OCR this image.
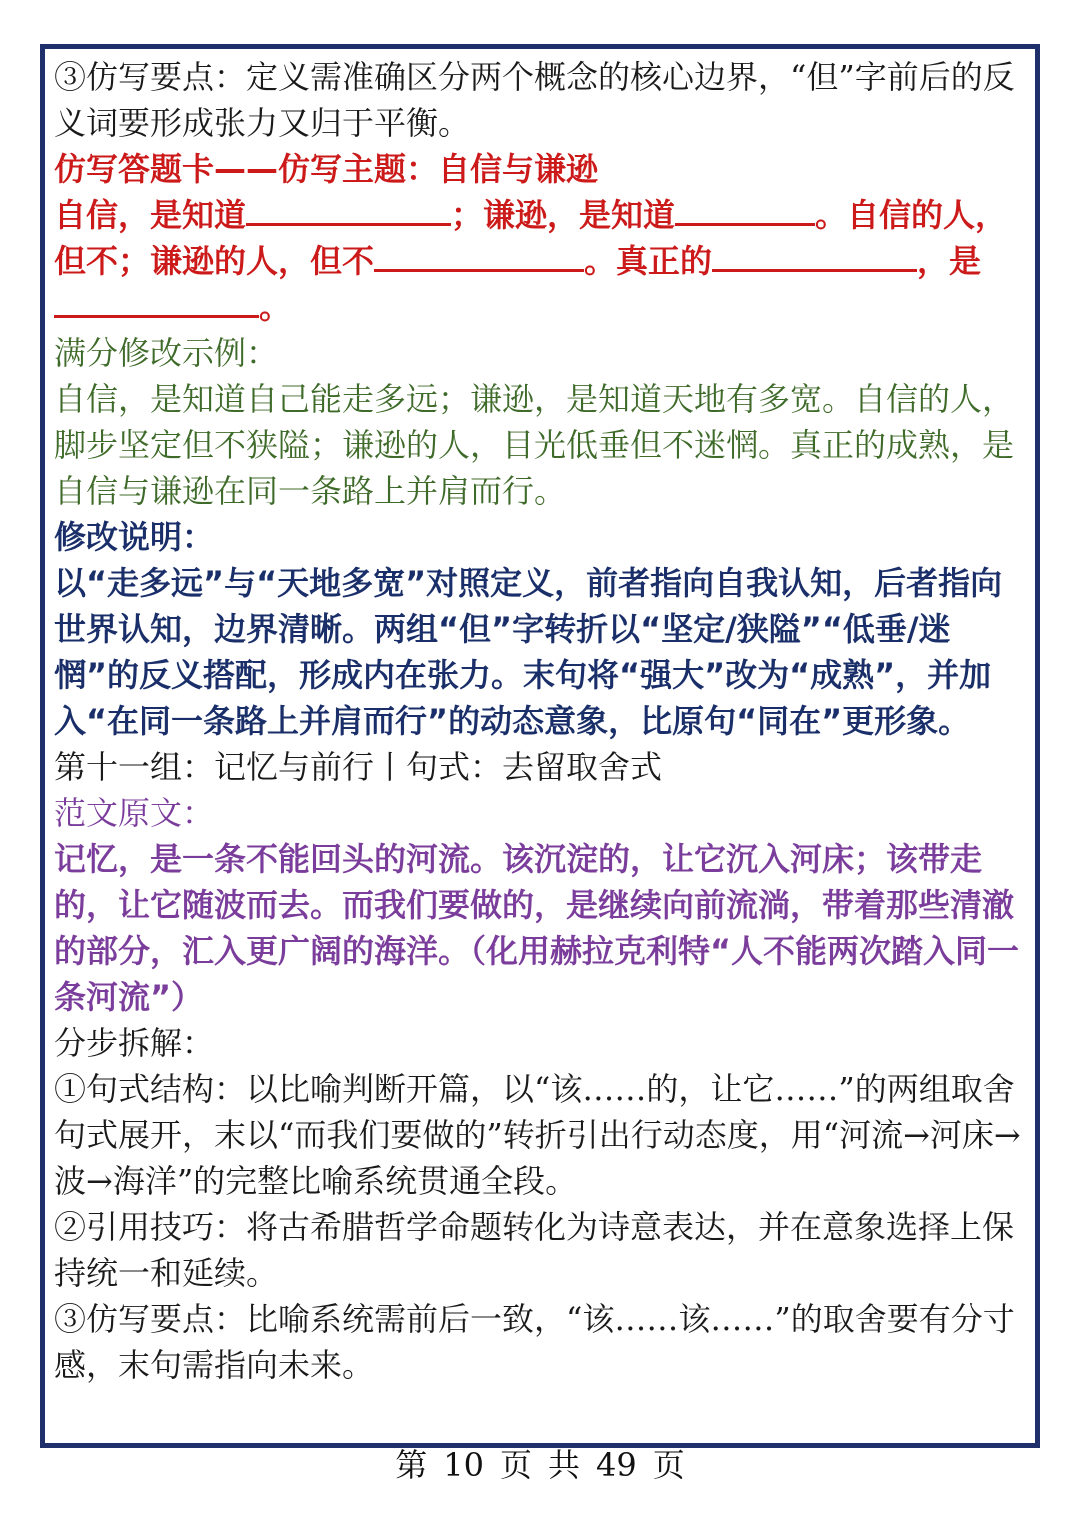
③仿写要点：定义需准确区分两个概念的核心边界，“但”字前后的反义词要形成张力又归于平衡。

仿写答题卡——仿写主题：自信与谦逊

自信，是知道	；谦逊，是知道	。自信的人，但不；谦逊的人，但不	。真正的	，是。

满分修改示例：

自信，是知道自己能走多远；谦逊，是知道天地有多宽。自信的人，脚步坚定但不狭隘；谦逊的人，目光低垂但不迷惘。真正的成熟，是自信与谦逊在同一条路上并肩而行。

修改说明：

以“走多远”与“天地多宽”对照定义，前者指向自我认知，后者指向世界认知，边界清晰。两组“但”字转折以“坚定/狭隘”“低垂/迷惘”的反义搭配，形成内在张力。末句将“强大”改为“成熟”，并加入“在同一条路上并肩而行”的动态意象，比原句“同在”更形象。

第十一组：记忆与前行丨句式：去留取舍式

范文原文：

记忆，是一条不能回头的河流。该沉淀的，让它沉入河床；该带走的，让它随波而去。而我们要做的，是继续向前流淌，带着那些清澈的部分，汇入更广阔的海洋。（化用赫拉克利特“人不能两次踏入同一条河流”）

分步拆解：

①句式结构：以比喻判断开篇，以“该……的，让它……”的两组取舍句式展开，末以“而我们要做的”转折引出行动态度，用“河流→河床→波→海洋”的完整比喻系统贯通全段。

②引用技巧：将古希腊哲学命题转化为诗意表达，并在意象选择上保持统一和延续。

③仿写要点：比喻系统需前后一致，“该……该……”的取舍要有分寸感，末句需指向未来。

第 10 页 共 49 页
